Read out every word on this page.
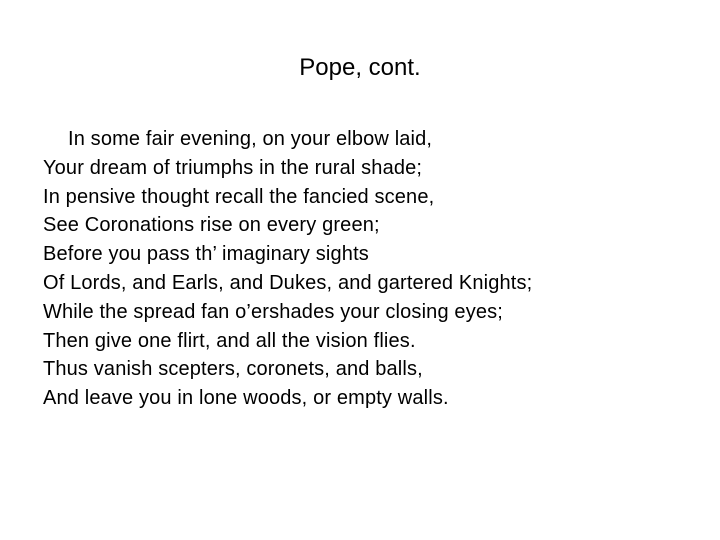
Pope, cont.
In some fair evening, on your elbow laid,
Your dream of triumphs in the rural shade;
In pensive thought recall the fancied scene,
See Coronations rise on every green;
Before you pass th’ imaginary sights
Of Lords, and Earls, and Dukes, and gartered Knights;
While the spread fan o’ershades your closing eyes;
Then give one flirt, and all the vision flies.
Thus vanish scepters, coronets, and balls,
And leave you in lone woods, or empty walls.
